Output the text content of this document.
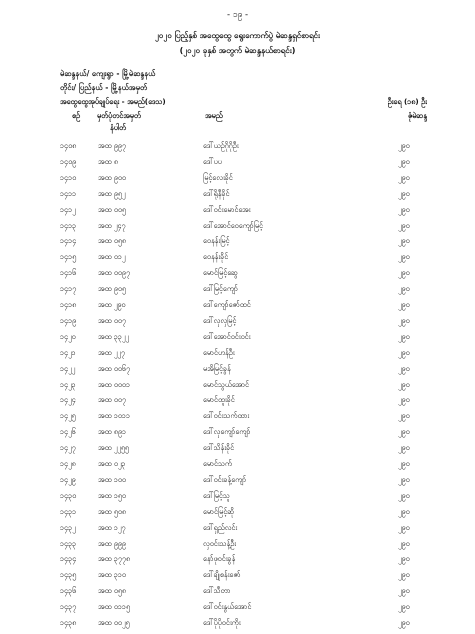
- ၁၉ -
၂၀၂၀ ပြည့်နှစ် အထွေထွေ ရွေးကောက်ပွဲ မဲဆန္ဒရှင်စာရင်း
(၂၀၂၀ ခုနှစ် အတွက် မဲဆန္ဒနယ်စာရင်း)
မဲဆန္ဒနယ်/ ကျေးရွာ - မြို့မဲဆန္ဒနယ်
တိုင်း/ ပြည်နယ် - မြို့နယ်အမှတ်
အထွေထွေအုပ်ချုပ်ရေး - အမည်(ဒေသ)	ဦးရေ (၁၈) ဦး
စဉ် မှတ်ပုံတင်အမှတ်	အမည်	ဇုံမဲဆန္ဒ
နံပါတ်
၁၄၀၈	အထ ၉၉၇	ဒေါ်ယဉ်ဂိုဂိုဦး	၂၉၀
၁၄၀၉	အထ ၈	ဒေါ်ပပ	၂၉၀
၁၄၁၀	အထ ၉၀၀	မြင့်လေးခိုင်	၂၉၀
၁၄၁၁	အထ ၉၅၂	ဒေါ်ရိုနီခိုင်	၂၉၀
၁၄၁၂	အထ ၀၀၅	ဒေါ်ဝင်းမောင်အေး	၂၉၀
၁၄၁၃	အထ ၂၄၇	ဒေါ်အောင်ဝေကျော်မြင့်	၂၉၀
၁၄၁၄	အထ ၀၅၈	ဝေနန်းမြင့်	၂၉၀
၁၄၁၅	အထ ၀၁၂	ဝေနန်းခိုင်	၂၉၀
၁၄၁၆	အထ ၀၀၉၇	မောင်မြင့်ဆွေ	၂၉၀
၁၄၁၇	အထ ၉၀၅	ဒေါ်မြင့်ကျော်	၂၉၀
၁၄၁၈	အထ ၂၉၀	ဒေါ်ကျော်ဇော်ထင်	၂၉၀
၁၄၁၉	အထ ၀၀၇	ဒေါ်လှလှမြင့်	၂၉၀
၁၄၂၀	အထ ၃၃၂၂	ဒေါ်အောင်ဝင်းဝင်း	၂၉၀
၁၄၂၁	အထ ၂၂၇	မောင်ဟန်ဦး	၂၉၀
၁၄၂၂	အထ ၀၀၆၇	မအိမြင့်ခွန်	၂၉၀
၁၄၂၃	အထ ၀၀၀၁	မောင်သွယ်အောင်	၂၉၀
၁၄၂၄	အထ ၀၀၇	မောင်ထူးခိုင်	၂၉၀
၁၄၂၅	အထ ၁၀၁၁	ဒေါ်ဝင်းသက်ထား	၂၉၀
၁၄၂၆	အထ ၈၉၁	ဒေါ်လှကျော်ကျော်	၂၉၀
၁၄၂၇	အထ ၂၂၅၅	ဒေါ်သိန်းခိုင်	၂၉၀
၁၄၂၈	အထ ၀၂၃	မောင်သက်	၂၉၀
၁၄၂၉	အထ ၁၀၀	ဒေါ်ဝင်းခန့်ကျော်	၂၉၀
၁၄၃၀	အထ ၁၅၀	ဒေါ်မြင့်သူ	၂၉၀
၁၄၃၁	အထ ၅၀၈	မောင်မြင့်ဆို	၂၉၀
၁၄၃၂	အထ ၁၂၇	ဒေါ်ရှည်လင်း	၂၉၀
၁၄၃၃	အထ ၉၉၉	လှဝင်းသန့်ဦး	၂၉၀
၁၄၃၄	အထ ၃၇၇၈	နော်ဖုဝင်းခွန်	၂၉၀
၁၄၃၅	အထ ၃၁၀	ဒေါ်ချိုစန်းဇော်	၂၉၀
၁၄၃၆	အထ ၀၅၈	ဒေါ်သီတာ	၂၉၀
၁၄၃၇	အထ ၀၁၁၅	ဒေါ်ဝင်းနွယ်အောင်	၂၉၀
၁၄၃၈	အထ ၀၀၂၅	ဒေါ်ပိုပိုဝင်းကိုး	၂၉၀
